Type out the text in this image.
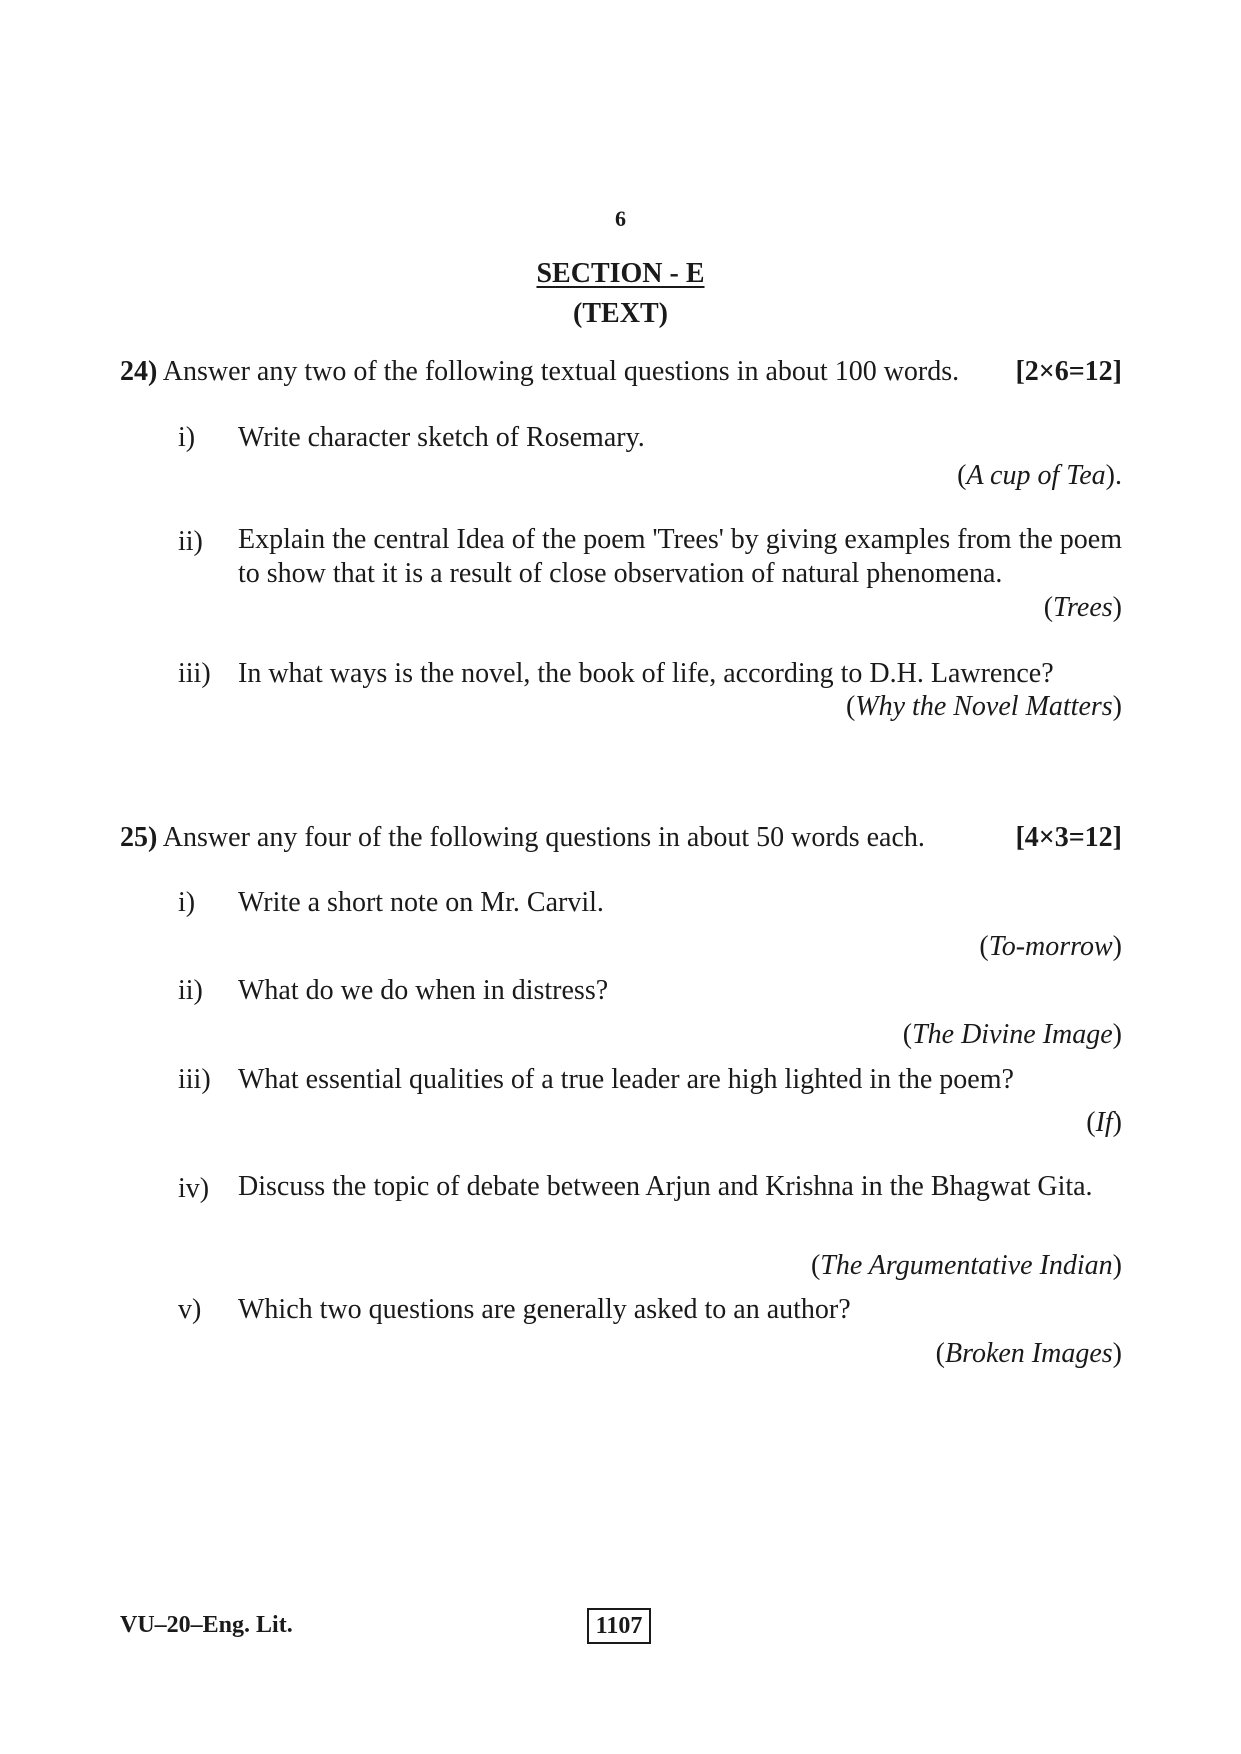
6
SECTION - E
(TEXT)
24) Answer any two of the following textual questions in about 100 words. [2×6=12]
i) Write character sketch of Rosemary.
(A cup of Tea).
ii) Explain the central Idea of the poem 'Trees' by giving examples from the poem to show that it is a result of close observation of natural phenomena.
(Trees)
iii) In what ways is the novel, the book of life, according to D.H. Lawrence?
(Why the Novel Matters)
25) Answer any four of the following questions in about 50 words each.	[4×3=12]
i) Write a short note on Mr. Carvil.
(To-morrow)
ii) What do we do when in distress?
(The Divine Image)
iii) What essential qualities of a true leader are high lighted in the poem?
(If)
iv) Discuss the topic of debate between Arjun and Krishna in the Bhagwat Gita.
(The Argumentative Indian)
v) Which two questions are generally asked to an author?
(Broken Images)
VU–20–Eng. Lit.	1107
